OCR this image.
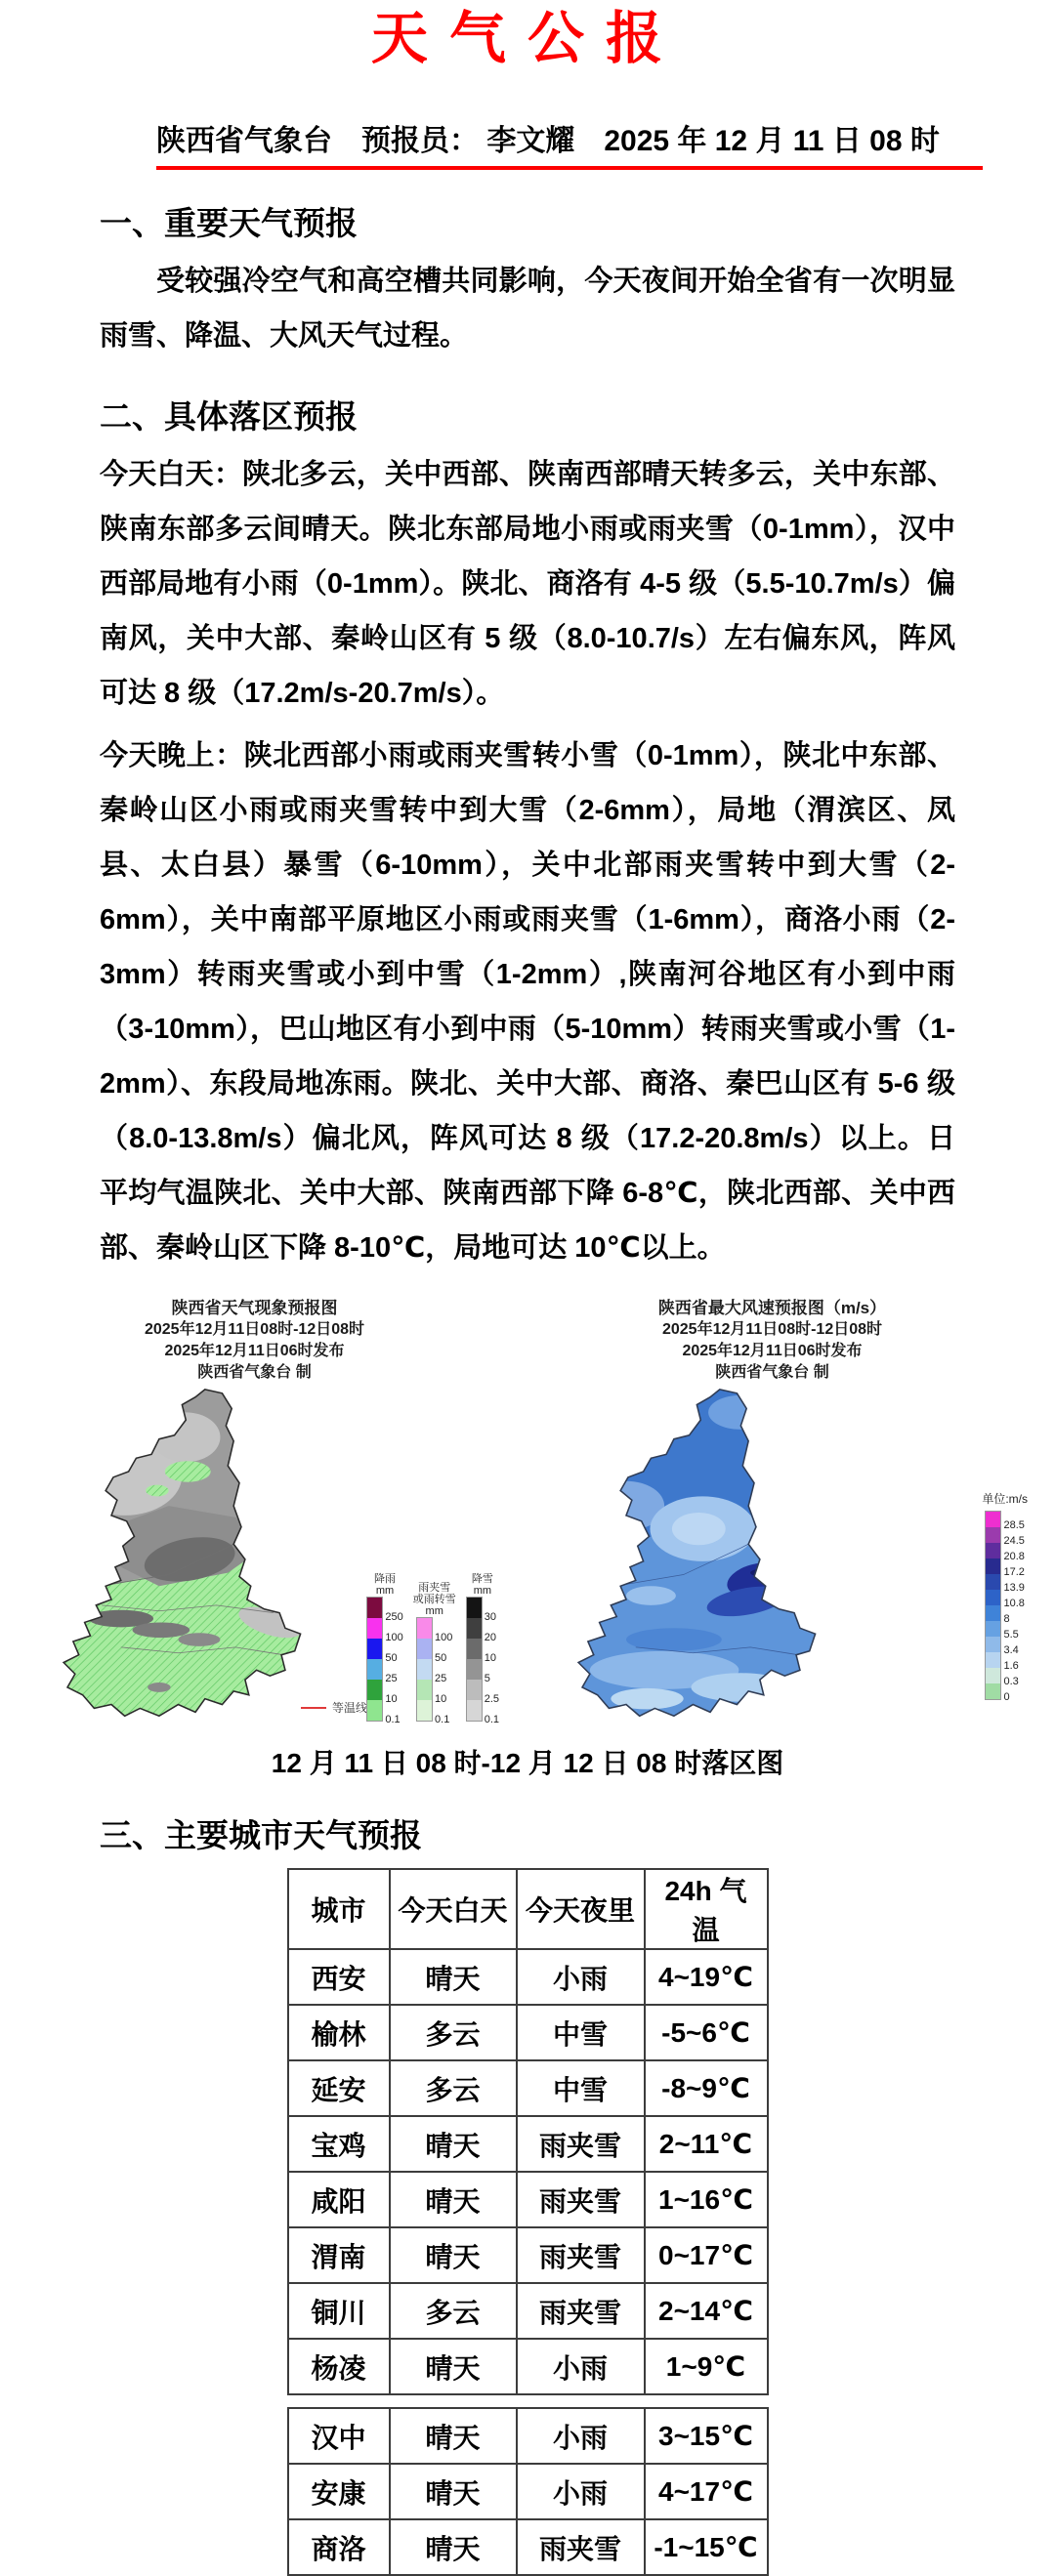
天气公报
陕西省气象台　预报员： 李文耀　2025 年 12 月 11 日 08 时
一、重要天气预报
受较强冷空气和高空槽共同影响，今天夜间开始全省有一次明显雨雪、降温、大风天气过程。
二、具体落区预报
今天白天：陕北多云，关中西部、陕南西部晴天转多云，关中东部、陕南东部多云间晴天。陕北东部局地小雨或雨夹雪（0-1mm），汉中西部局地有小雨（0-1mm）。陕北、商洛有 4-5 级（5.5-10.7m/s）偏南风，关中大部、秦岭山区有 5 级（8.0-10.7/s）左右偏东风，阵风可达 8 级（17.2m/s-20.7m/s）。
今天晚上：陕北西部小雨或雨夹雪转小雪（0-1mm），陕北中东部、秦岭山区小雨或雨夹雪转中到大雪（2-6mm），局地（渭滨区、凤县、太白县）暴雪（6-10mm），关中北部雨夹雪转中到大雪（2-6mm），关中南部平原地区小雨或雨夹雪（1-6mm），商洛小雨（2-3mm）转雨夹雪或小到中雪（1-2mm）,陕南河谷地区有小到中雨（3-10mm），巴山地区有小到中雨（5-10mm）转雨夹雪或小雪（1-2mm）、东段局地冻雨。陕北、关中大部、商洛、秦巴山区有 5-6 级（8.0-13.8m/s）偏北风，阵风可达 8 级（17.2-20.8m/s）以上。日平均气温陕北、关中大部、陕南西部下降 6-8℃，陕北西部、关中西部、秦岭山区下降 8-10℃，局地可达 10℃以上。
陕西省天气现象预报图
2025年12月11日08时-12日08时
2025年12月11日06时发布
陕西省气象台 制
等温线
降雨
mm
250
100
50
25
10
0.1
雨夹雪
或雨转雪
mm
100
50
25
10
0.1
降雪
mm
30
20
10
5
2.5
0.1
陕西省最大风速预报图（m/s）
2025年12月11日08时-12日08时
2025年12月11日06时发布
陕西省气象台 制
单位:m/s
28.5
24.5
20.8
17.2
13.9
10.8
8
5.5
3.4
1.6
0.3
0
12 月 11 日 08 时-12 月 12 日 08 时落区图
三、主要城市天气预报
城市	今天白天	今天夜里	24h 气温
西安	晴天	小雨	4~19℃
榆林	多云	中雪	-5~6℃
延安	多云	中雪	-8~9℃
宝鸡	晴天	雨夹雪	2~11℃
咸阳	晴天	雨夹雪	1~16℃
渭南	晴天	雨夹雪	0~17℃
铜川	多云	雨夹雪	2~14℃
杨凌	晴天	小雨	1~9℃
汉中	晴天	小雨	3~15℃
安康	晴天	小雨	4~17℃
商洛	晴天	雨夹雪	-1~15℃
